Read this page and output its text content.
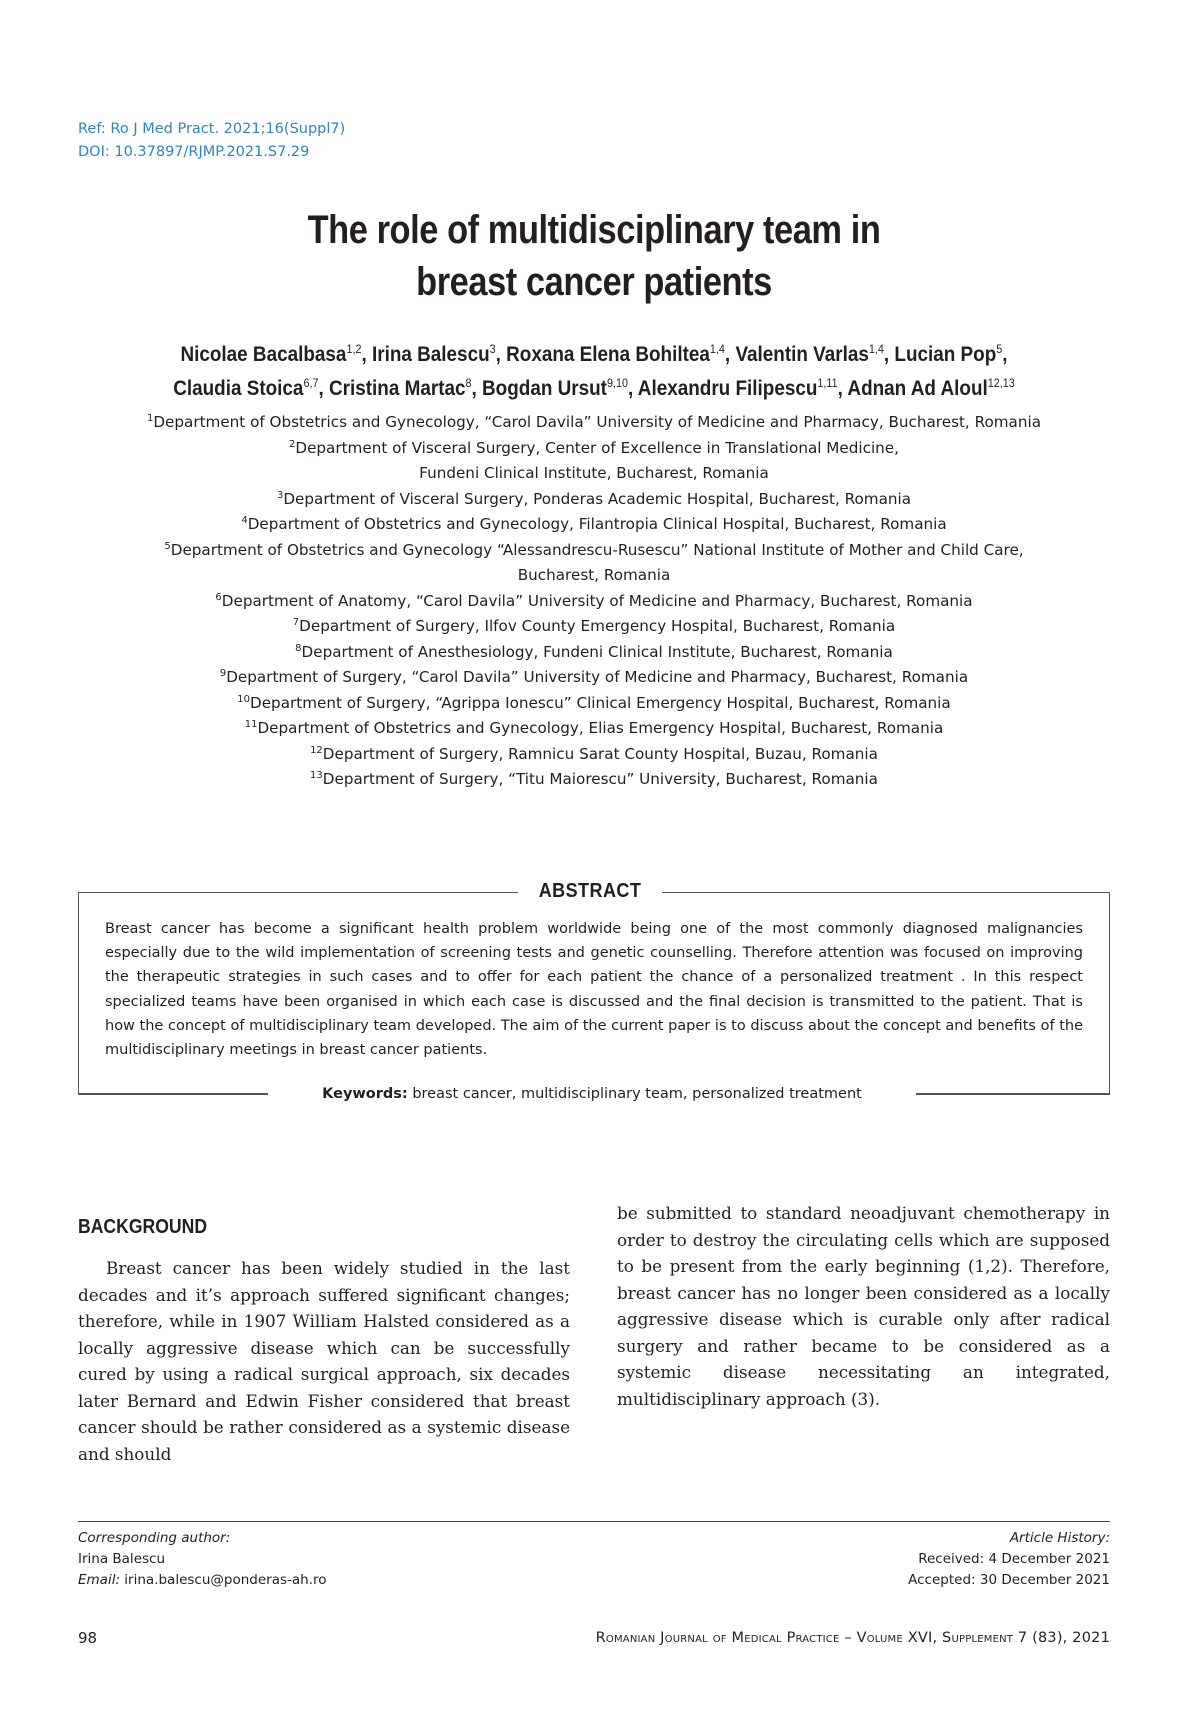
Ref: Ro J Med Pract. 2021;16(Suppl7)
DOI: 10.37897/RJMP.2021.S7.29
The role of multidisciplinary team in
breast cancer patients
Nicolae Bacalbasa$^{1,2}$, Irina Balescu$^3$, Roxana Elena Bohiltea$^{1,4}$, Valentin Varlas$^{1,4}$, Lucian Pop$^5$,
Claudia Stoica$^{6,7}$, Cristina Martac$^8$, Bogdan Ursut$^{9,10}$, Alexandru Filipescu$^{1,11}$, Adnan Ad Aloul$^{12,13}$
$^1$Department of Obstetrics and Gynecology, “Carol Davila” University of Medicine and Pharmacy, Bucharest, Romania
$^2$Department of Visceral Surgery, Center of Excellence in Translational Medicine,
Fundeni Clinical Institute, Bucharest, Romania
$^3$Department of Visceral Surgery, Ponderas Academic Hospital, Bucharest, Romania
$^4$Department of Obstetrics and Gynecology, Filantropia Clinical Hospital, Bucharest, Romania
$^5$Department of Obstetrics and Gynecology “Alessandrescu-Rusescu” National Institute of Mother and Child Care,
Bucharest, Romania
$^6$Department of Anatomy, “Carol Davila” University of Medicine and Pharmacy, Bucharest, Romania
$^7$Department of Surgery, Ilfov County Emergency Hospital, Bucharest, Romania
$^8$Department of Anesthesiology, Fundeni Clinical Institute, Bucharest, Romania
$^9$Department of Surgery, “Carol Davila” University of Medicine and Pharmacy, Bucharest, Romania
$^{10}$Department of Surgery, “Agrippa Ionescu” Clinical Emergency Hospital, Bucharest, Romania
$^{11}$Department of Obstetrics and Gynecology, Elias Emergency Hospital, Bucharest, Romania
$^{12}$Department of Surgery, Ramnicu Sarat County Hospital, Buzau, Romania
$^{13}$Department of Surgery, “Titu Maiorescu” University, Bucharest, Romania
ABSTRACT
Breast cancer has become a significant health problem worldwide being one of the most commonly diagnosed malignancies especially due to the wild implementation of screening tests and genetic counselling. Therefore attention was focused on improving the therapeutic strategies in such cases and to offer for each patient the chance of a personalized treatment . In this respect specialized teams have been organised in which each case is discussed and the final decision is transmitted to the patient. That is how the concept of multidisciplinary team developed. The aim of the current paper is to discuss about the concept and benefits of the multidisciplinary meetings in breast cancer patients.
Keywords: breast cancer, multidisciplinary team, personalized treatment
BACKGROUND
Breast cancer has been widely studied in the last decades and it’s approach suffered significant changes; therefore, while in 1907 William Halsted considered as a locally aggressive disease which can be successfully cured by using a radical surgical approach, six decades later Bernard and Edwin Fisher considered that breast cancer should be rather considered as a systemic disease and should
be submitted to standard neoadjuvant chemotherapy in order to destroy the circulating cells which are supposed to be present from the early beginning (1,2). Therefore, breast cancer has no longer been considered as a locally aggressive disease which is curable only after radical surgery and rather became to be considered as a systemic disease necessitating an integrated, multidisciplinary approach (3).
Corresponding author:
Irina Balescu
Email: irina.balescu@ponderas-ah.ro
Article History:
Received: 4 December 2021
Accepted: 30 December 2021
98	Romanian Journal of Medical Practice – Volume XVI, Supplement 7 (83), 2021
